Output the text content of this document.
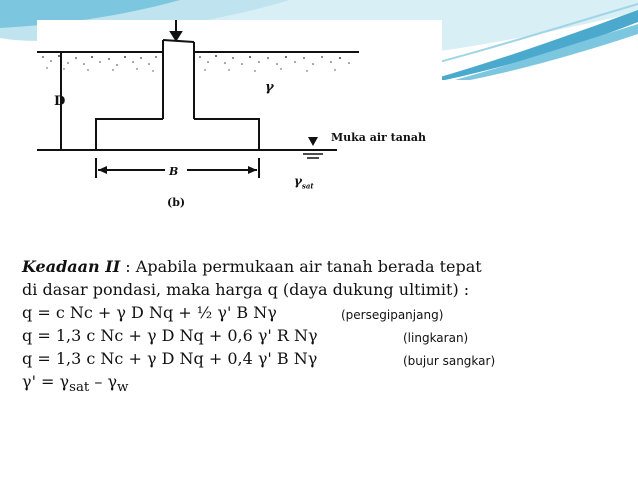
D
γ
Muka air tanah
B
$\gamma_{sat}$
(b)
Keadaan II : Apabila permukaan air tanah berada tepat
di dasar pondasi, maka harga q (daya dukung ultimit) :
q = c Nc + γ D Nq + ½ γ' B Nγ	(persegipanjang)
q = 1,3 c Nc + γ D Nq + 0,6 γ' R Nγ	(lingkaran)
q = 1,3 c Nc + γ D Nq + 0,4 γ' B Nγ	(bujur sangkar)
$\gamma' = \gamma_{sat} - \gamma_w$
